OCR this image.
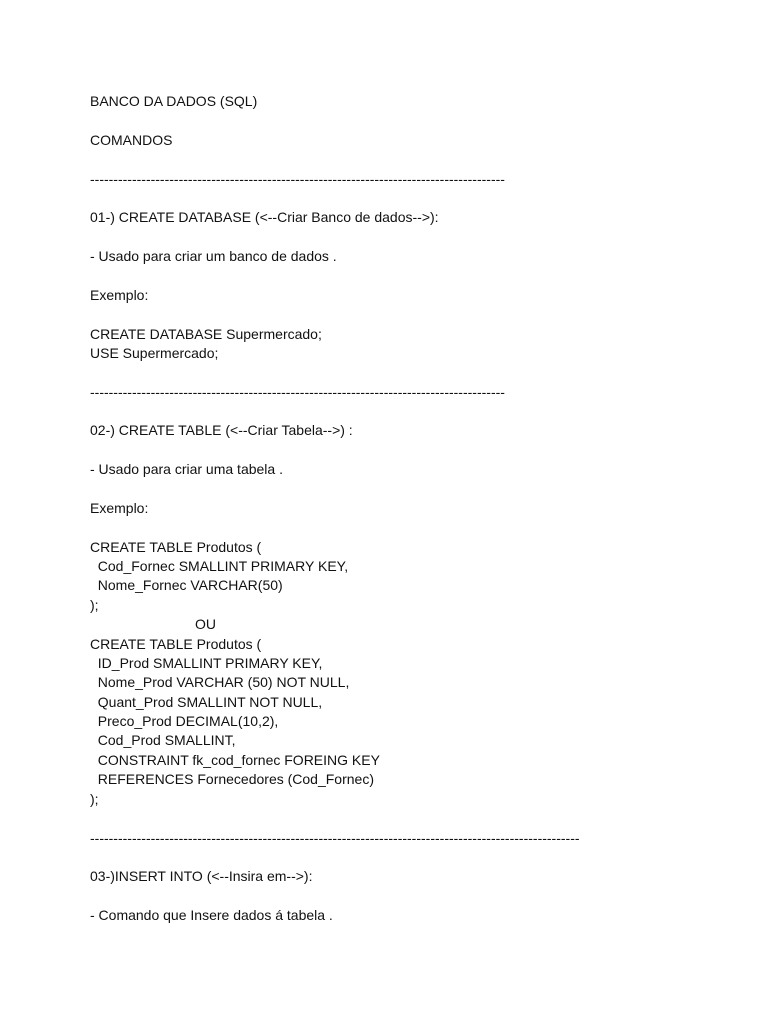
BANCO DA DADOS (SQL)

COMANDOS

-----------------------------------------------------------------------------------------

01-) CREATE DATABASE (<--Criar Banco de dados-->):

- Usado para criar um banco de dados .

Exemplo:

CREATE DATABASE Supermercado;

USE Supermercado;

-----------------------------------------------------------------------------------------

02-) CREATE TABLE (<--Criar Tabela-->) :

- Usado para criar uma tabela .

Exemplo:

CREATE TABLE Produtos (

Cod_Fornec SMALLINT PRIMARY KEY,

Nome_Fornec VARCHAR(50)

);

OU

CREATE TABLE Produtos (

ID_Prod SMALLINT PRIMARY KEY,

Nome_Prod VARCHAR (50) NOT NULL,

Quant_Prod SMALLINT NOT NULL,

Preco_Prod DECIMAL(10,2),

Cod_Prod SMALLINT,

CONSTRAINT fk_cod_fornec FOREING KEY

REFERENCES Fornecedores (Cod_Fornec)

);

---------------------------------------------------------------------------------------------------------

03-)INSERT INTO (<--Insira em-->):

- Comando que Insere dados á tabela .
